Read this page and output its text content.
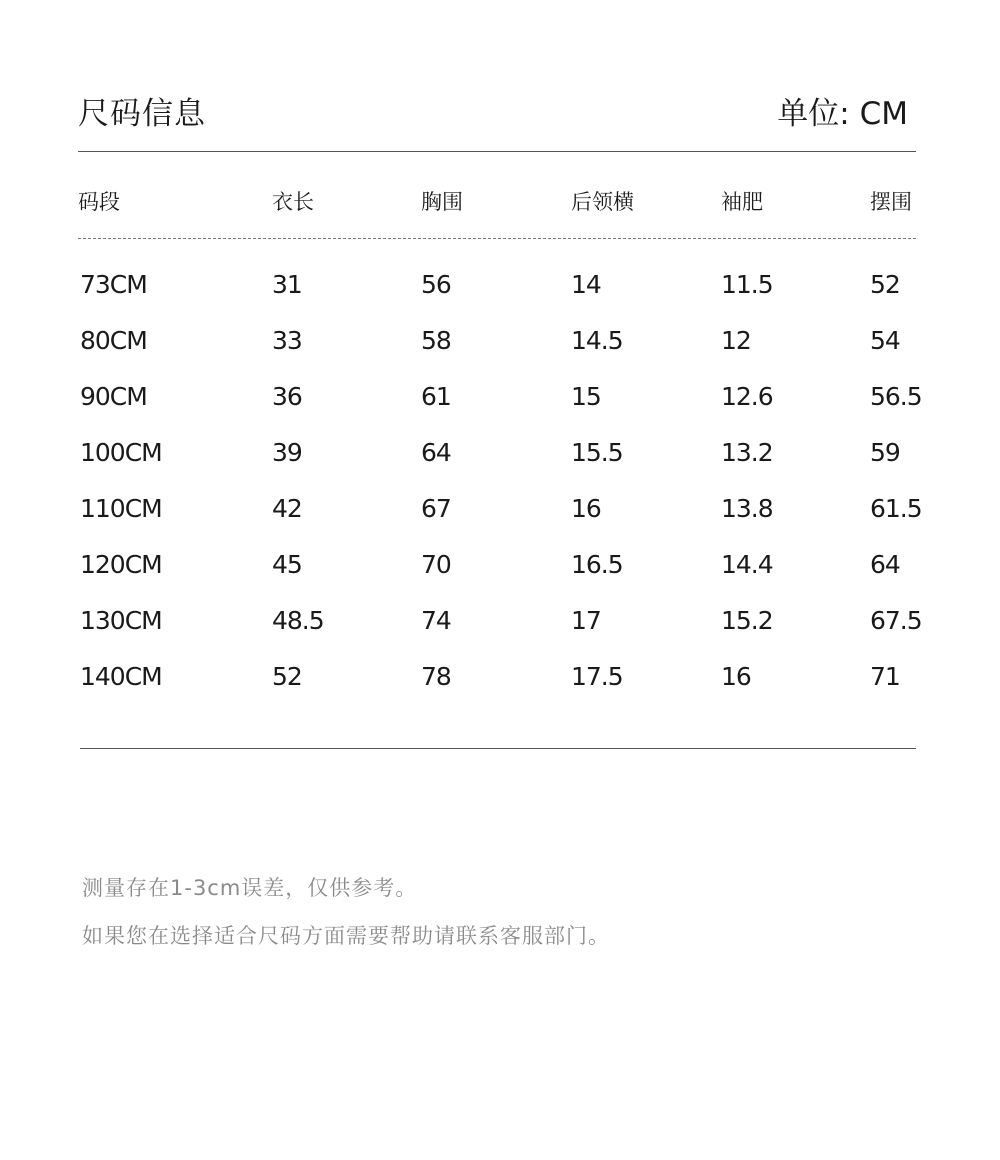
尺码信息	单位: CM
码段	衣长	胸围	后领横	袖肥	摆围
73CM	31	56	14	11.5	52
80CM	33	58	14.5	12	54
90CM	36	61	15	12.6	56.5
100CM	39	64	15.5	13.2	59
110CM	42	67	16	13.8	61.5
120CM	45	70	16.5	14.4	64
130CM	48.5	74	17	15.2	67.5
140CM	52	78	17.5	16	71
测量存在1-3cm误差，仅供参考。
如果您在选择适合尺码方面需要帮助请联系客服部门。
